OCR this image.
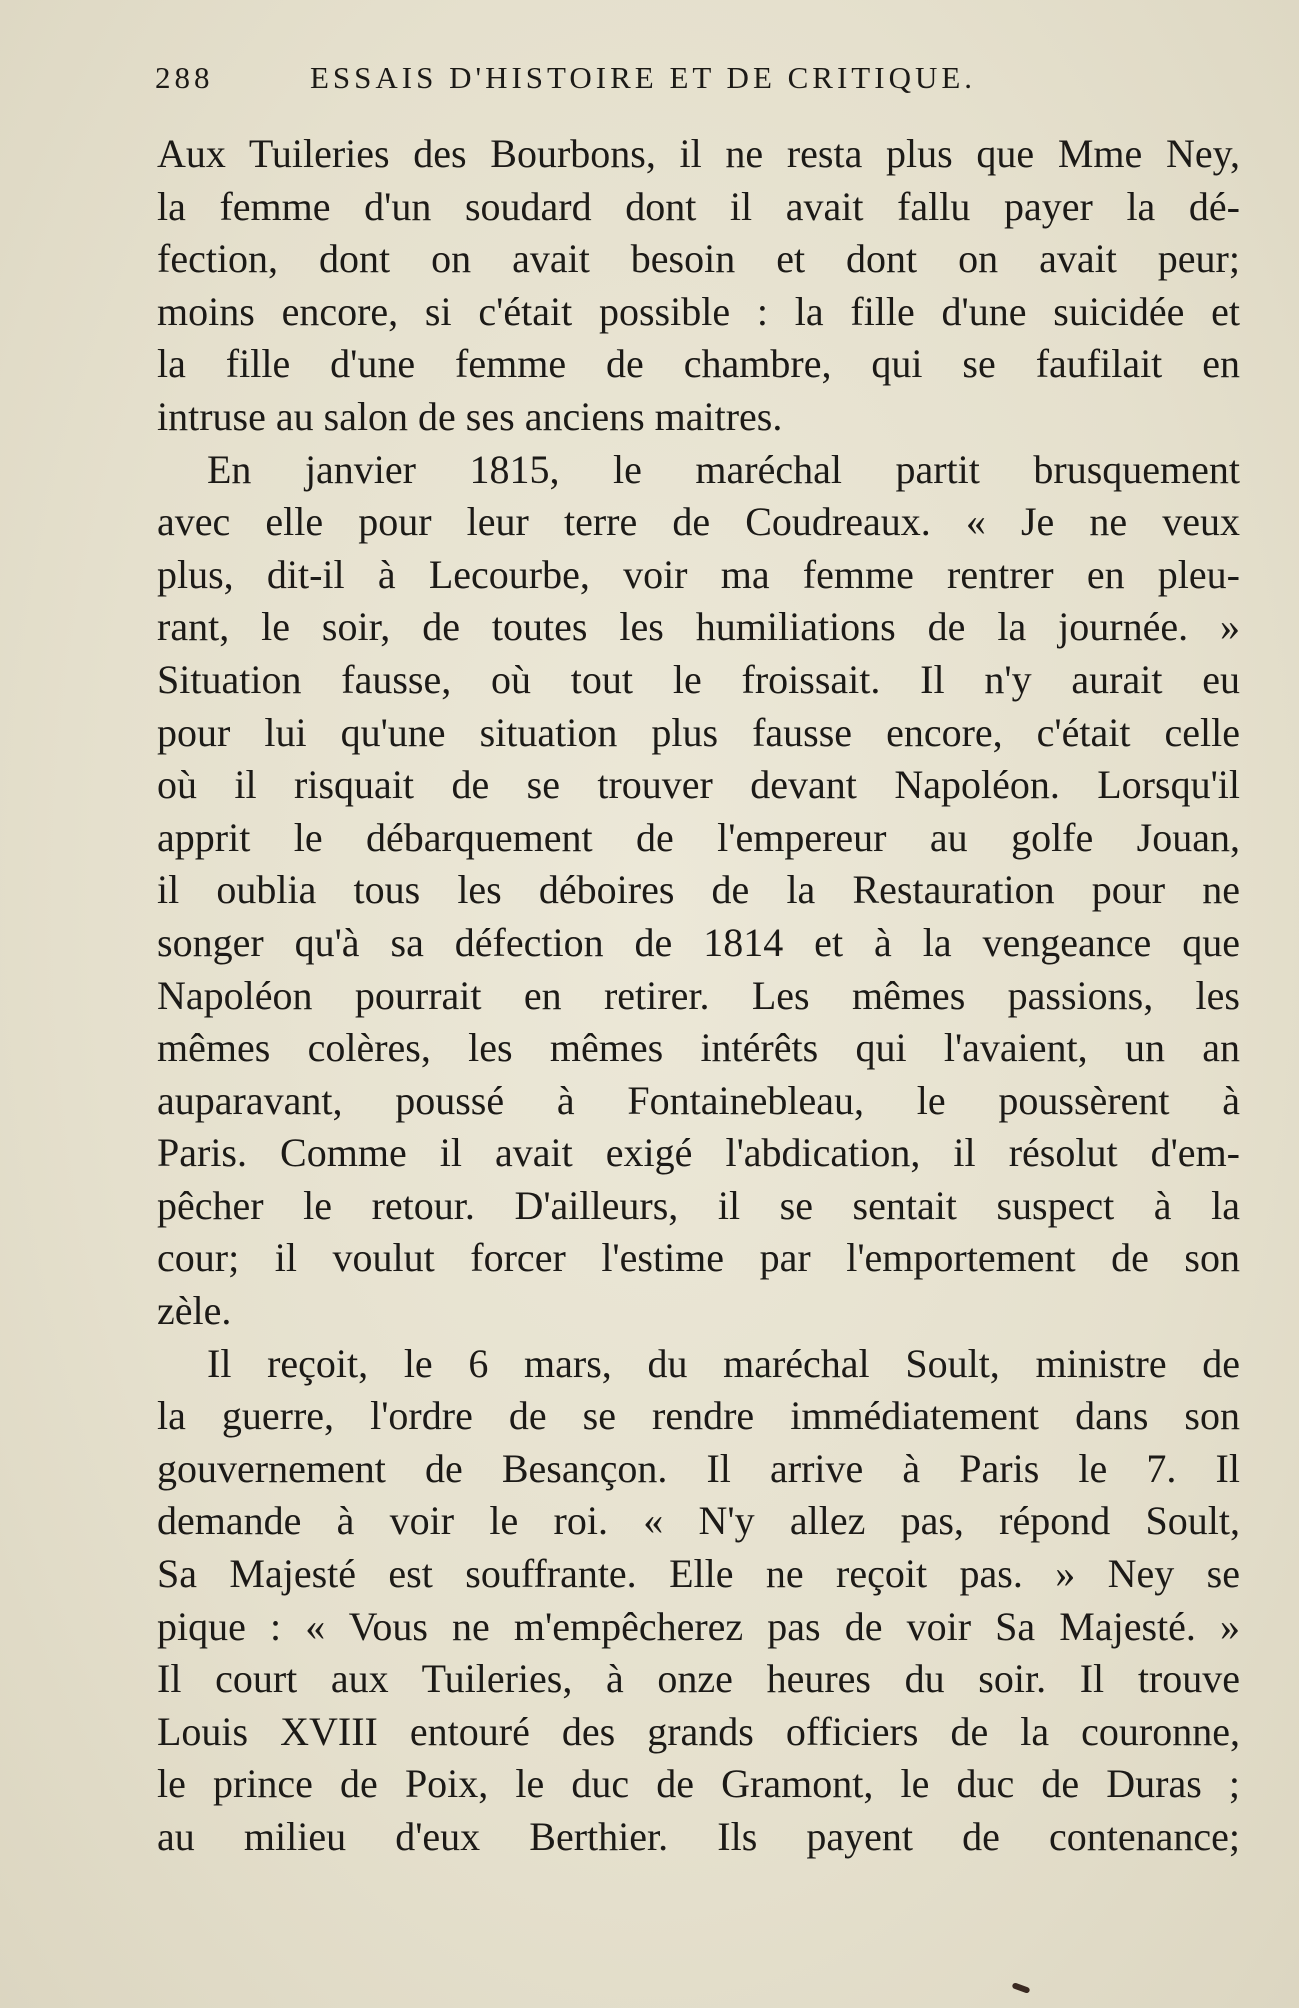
288	ESSAIS D'HISTOIRE ET DE CRITIQUE.
Aux Tuileries des Bourbons, il ne resta plus que Mme Ney,
la femme d'un soudard dont il avait fallu payer la dé-
fection, dont on avait besoin et dont on avait peur;
moins encore, si c'était possible : la fille d'une suicidée et
la fille d'une femme de chambre, qui se faufilait en
intruse au salon de ses anciens maitres.
En janvier 1815, le maréchal partit brusquement
avec elle pour leur terre de Coudreaux. « Je ne veux
plus, dit-il à Lecourbe, voir ma femme rentrer en pleu-
rant, le soir, de toutes les humiliations de la journée. »
Situation fausse, où tout le froissait. Il n'y aurait eu
pour lui qu'une situation plus fausse encore, c'était celle
où il risquait de se trouver devant Napoléon. Lorsqu'il
apprit le débarquement de l'empereur au golfe Jouan,
il oublia tous les déboires de la Restauration pour ne
songer qu'à sa défection de 1814 et à la vengeance que
Napoléon pourrait en retirer. Les mêmes passions, les
mêmes colères, les mêmes intérêts qui l'avaient, un an
auparavant, poussé à Fontainebleau, le poussèrent à
Paris. Comme il avait exigé l'abdication, il résolut d'em-
pêcher le retour. D'ailleurs, il se sentait suspect à la
cour; il voulut forcer l'estime par l'emportement de son
zèle.
Il reçoit, le 6 mars, du maréchal Soult, ministre de
la guerre, l'ordre de se rendre immédiatement dans son
gouvernement de Besançon. Il arrive à Paris le 7. Il
demande à voir le roi. « N'y allez pas, répond Soult,
Sa Majesté est souffrante. Elle ne reçoit pas. » Ney se
pique : « Vous ne m'empêcherez pas de voir Sa Majesté. »
Il court aux Tuileries, à onze heures du soir. Il trouve
Louis XVIII entouré des grands officiers de la couronne,
le prince de Poix, le duc de Gramont, le duc de Duras ;
au milieu d'eux Berthier. Ils payent de contenance;
